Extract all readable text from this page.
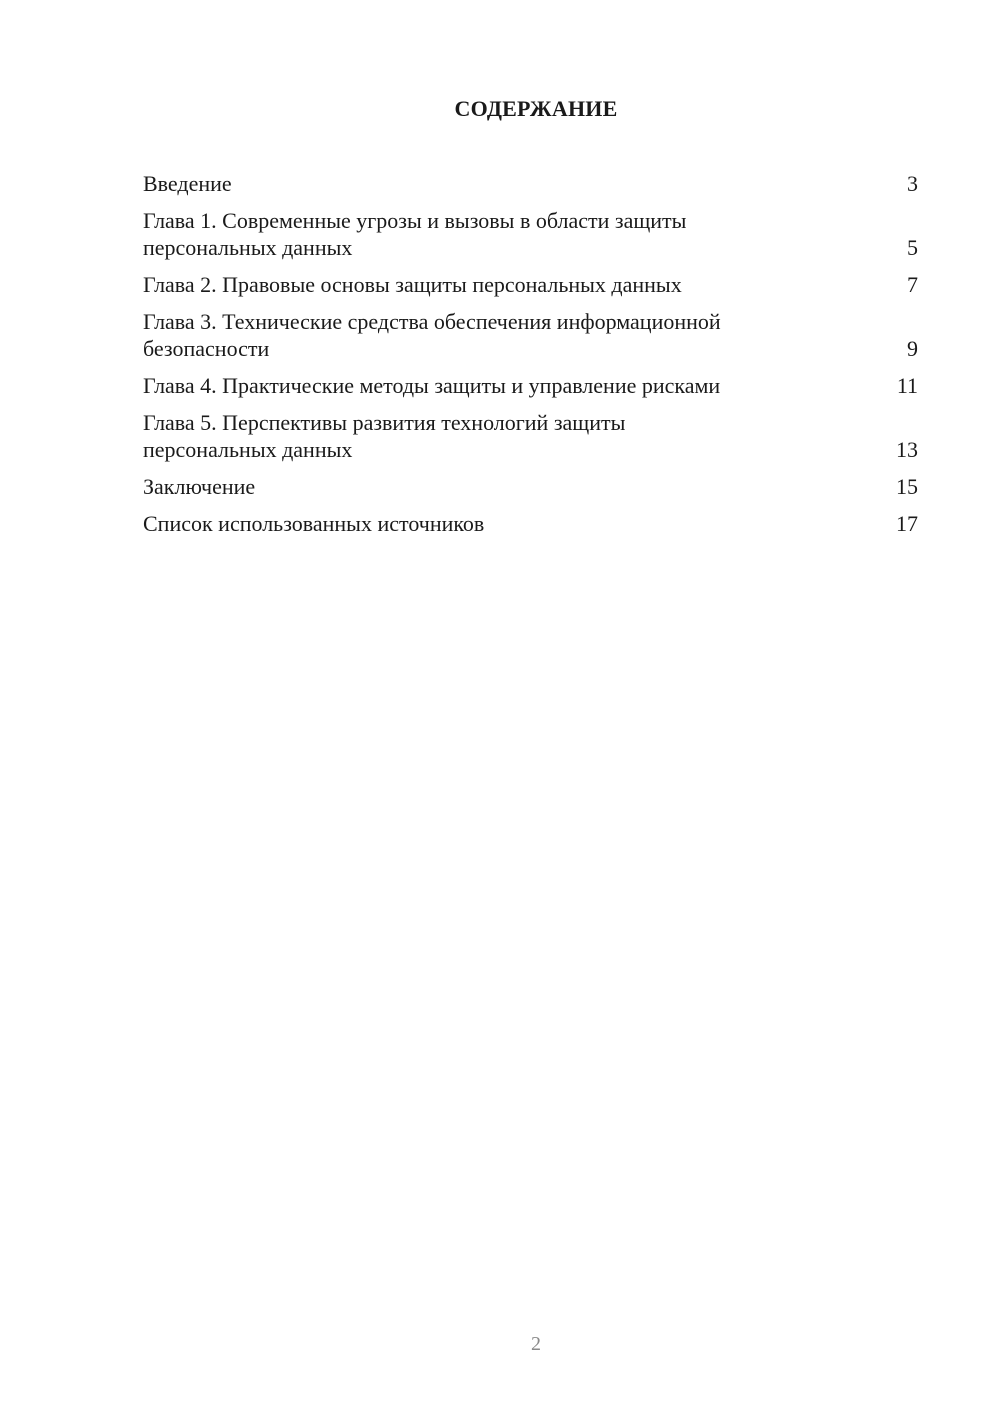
СОДЕРЖАНИЕ
Введение	3
Глава 1. Современные угрозы и вызовы в области защиты
персональных данных	5
Глава 2. Правовые основы защиты персональных данных	7
Глава 3. Технические средства обеспечения информационной
безопасности	9
Глава 4. Практические методы защиты и управление рисками	11
Глава 5. Перспективы развития технологий защиты
персональных данных	13
Заключение	15
Список использованных источников	17
2
